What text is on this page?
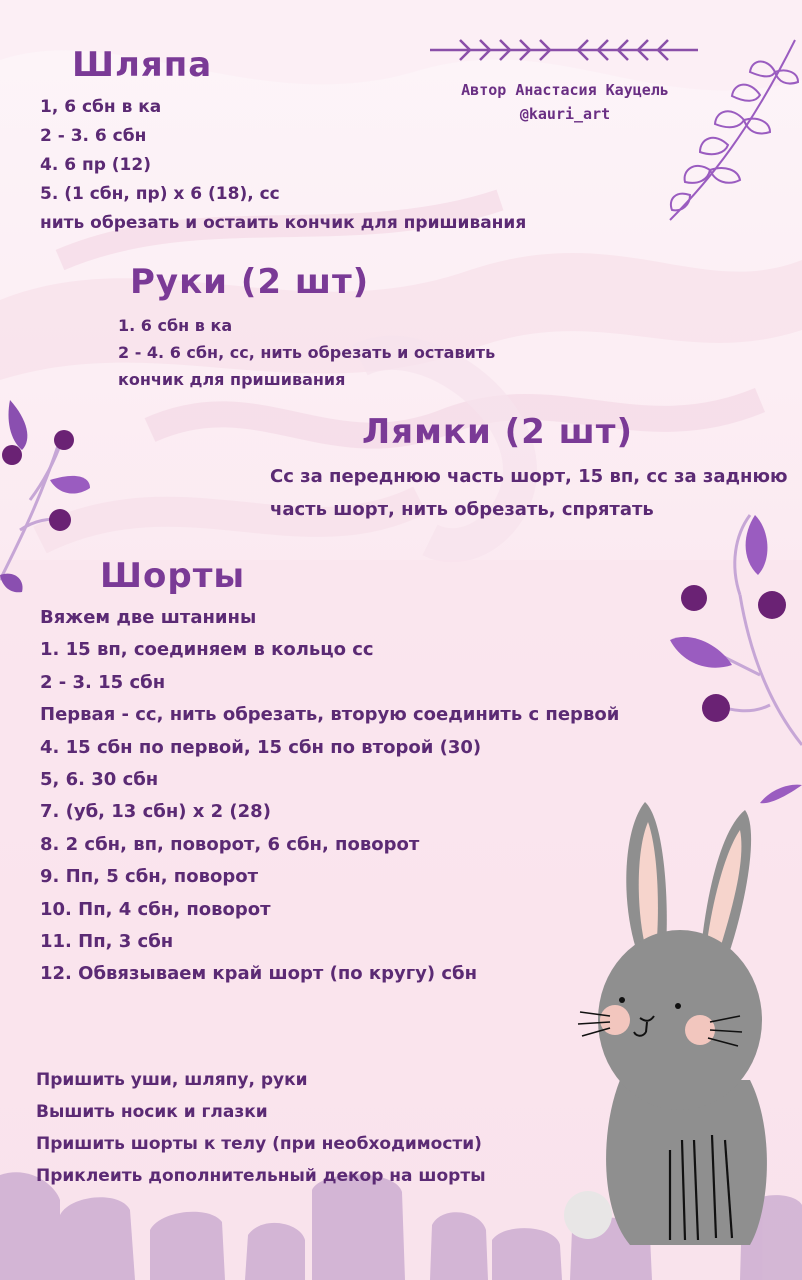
Автор Анастасия Кауцель
@kauri_art
Шляпа
1, 6 сбн в ка
2 - 3. 6 сбн
4. 6 пр (12)
5. (1 сбн, пр) х 6 (18), сс
нить обрезать и остаить кончик для пришивания
Руки (2 шт)
1. 6 сбн в ка
2 - 4. 6 сбн, сс, нить обрезать и оставить
кончик для пришивания
Лямки (2 шт)
Сс за переднюю часть шорт, 15 вп, сс за заднюю
часть шорт, нить обрезать, спрятать
Шорты
Вяжем две штанины
1. 15 вп, соединяем в кольцо сс
2 - 3. 15 сбн
Первая - сс, нить обрезать, вторую соединить с первой
4. 15 сбн по первой, 15 сбн по второй (30)
5, 6. 30 сбн
7. (уб, 13 сбн) х 2 (28)
8. 2 сбн, вп, поворот, 6 сбн, поворот
9. Пп, 5 сбн, поворот
10. Пп, 4 сбн, поворот
11. Пп, 3 сбн
12. Обвязываем край шорт (по кругу) сбн
Пришить уши, шляпу, руки
Вышить носик и глазки
Пришить шорты к телу (при необходимости)
Приклеить дополнительный декор на шорты
